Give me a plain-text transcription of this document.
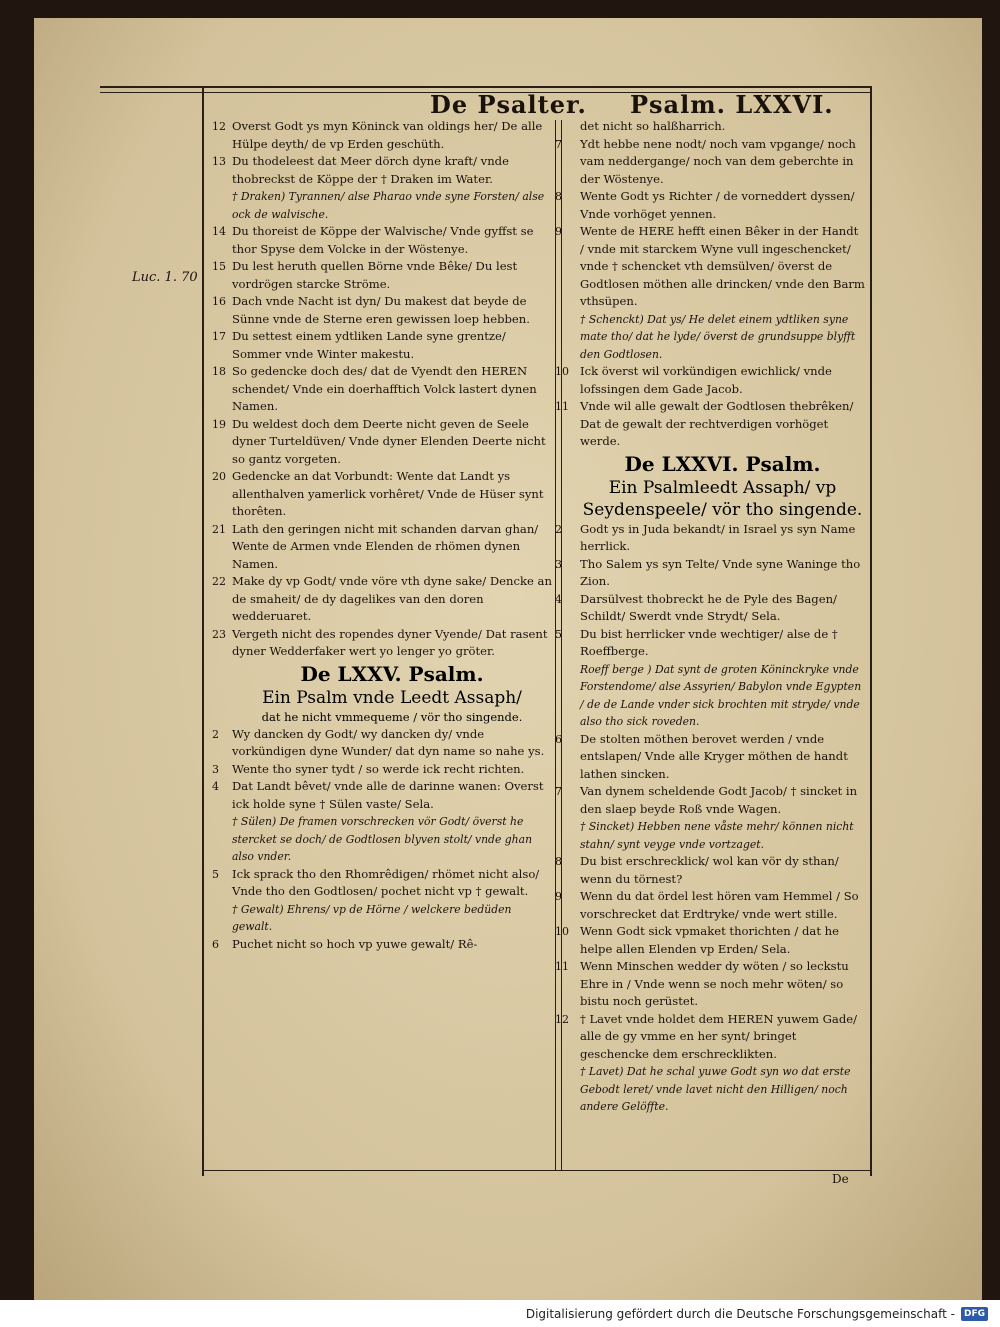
De Psalter. Psalm. LXXVI.
Luc. 1. 70
12 Overst Godt ys myn Köninck van oldings her/ De alle Hülpe deyth/ de vp Erden geschüth.
13 Du thodeleest dat Meer dörch dyne kraft/ vnde thobreckst de Köppe der † Draken im Water.
† Draken) Tyrannen/ alse Pharao vnde syne Forsten/ alse ock de walvische.
14 Du thoreist de Köppe der Walvische/ Vnde gyffst se thor Spyse dem Volcke in der Wöstenye.
15 Du lest heruth quellen Börne vnde Bêke/ Du lest vordrögen starcke Ströme.
16 Dach vnde Nacht ist dyn/ Du makest dat beyde de Sünne vnde de Sterne eren gewissen loep hebben.
17 Du settest einem ydtliken Lande syne grentze/ Sommer vnde Winter makestu.
18 So gedencke doch des/ dat de Vyendt den HEREN schendet/ Vnde ein doerhafftich Volck lastert dynen Namen.
19 Du weldest doch dem Deerte nicht geven de Seele dyner Turteldüven/ Vnde dyner Elenden Deerte nicht so gantz vorgeten.
20 Gedencke an dat Vorbundt: Wente dat Landt ys allenthalven yamerlick vorhêret/ Vnde de Hüser synt thorêten.
21 Lath den geringen nicht mit schanden darvan ghan/ Wente de Armen vnde Elenden de rhömen dynen Namen.
22 Make dy vp Godt/ vnde vöre vth dyne sake/ Dencke an de smaheit/ de dy dagelikes van den doren wedderuaret.
23 Vergeth nicht des ropendes dyner Vyende/ Dat rasent dyner Wedderfaker wert yo lenger yo gröter.
De LXXV. Psalm.
Ein Psalm vnde Leedt Assaph/
dat he nicht vmmequeme / vör tho singende.
2 Wy dancken dy Godt/ wy dancken dy/ vnde vorkündigen dyne Wunder/ dat dyn name so nahe ys.
3 Wente tho syner tydt / so werde ick recht richten.
4 Dat Landt bêvet/ vnde alle de darinne wanen: Overst ick holde syne † Sülen vaste/ Sela.
† Sülen) De framen vorschrecken vör Godt/ överst he stercket se doch/ de Godtlosen blyven stolt/ vnde ghan also vnder.
5 Ick sprack tho den Rhomrêdigen/ rhömet nicht also/ Vnde tho den Godtlosen/ pochet nicht vp † gewalt.
† Gewalt) Ehrens/ vp de Hörne / welckere bedüden gewalt.
6 Puchet nicht so hoch vp yuwe gewalt/ Rê-
det nicht so halßharrich.
7 Ydt hebbe nene nodt/ noch vam vpgange/ noch vam neddergange/ noch van dem geberchte in der Wöstenye.
8 Wente Godt ys Richter / de vorneddert dyssen/ Vnde vorhöget yennen.
9 Wente de HERE hefft einen Bêker in der Handt / vnde mit starckem Wyne vull ingeschencket/ vnde † schencket vth demsülven/ överst de Godtlosen möthen alle drincken/ vnde den Barm vthsüpen.
† Schenckt) Dat ys/ He delet einem ydtliken syne mate tho/ dat he lyde/ överst de grundsuppe blyfft den Godtlosen.
10 Ick överst wil vorkündigen ewichlick/ vnde lofssingen dem Gade Jacob.
11 Vnde wil alle gewalt der Godtlosen thebrêken/ Dat de gewalt der rechtverdigen vorhöget werde.
De LXXVI. Psalm.
Ein Psalmleedt Assaph/ vp Seydenspeele/ vör tho singende.
2 Godt ys in Juda bekandt/ in Israel ys syn Name herrlick.
3 Tho Salem ys syn Telte/ Vnde syne Waninge tho Zion.
4 Darsülvest thobreckt he de Pyle des Bagen/ Schildt/ Swerdt vnde Strydt/ Sela.
5 Du bist herrlicker vnde wechtiger/ alse de † Roeffberge.
Roeff berge ) Dat synt de groten Köninckryke vnde Forstendome/ alse Assyrien/ Babylon vnde Egypten / de de Lande vnder sick brochten mit stryde/ vnde also tho sick roveden.
6 De stolten möthen berovet werden / vnde entslapen/ Vnde alle Kryger möthen de handt lathen sincken.
7 Van dynem scheldende Godt Jacob/ † sincket in den slaep beyde Roß vnde Wagen.
† Sincket) Hebben nene våste mehr/ können nicht stahn/ synt veyge vnde vortzaget.
8 Du bist erschrecklick/ wol kan vör dy sthan/ wenn du törnest?
9 Wenn du dat ördel lest hören vam Hemmel / So vorschrecket dat Erdtryke/ vnde wert stille.
10 Wenn Godt sick vpmaket thorichten / dat he helpe allen Elenden vp Erden/ Sela.
11 Wenn Minschen wedder dy wöten / so leckstu Ehre in / Vnde wenn se noch mehr wöten/ so bistu noch gerüstet.
12 † Lavet vnde holdet dem HEREN yuwem Gade/ alle de gy vmme en her synt/ bringet geschencke dem erschrecklikten.
† Lavet) Dat he schal yuwe Godt syn wo dat erste Gebodt leret/ vnde lavet nicht den Hilligen/ noch andere Gelöffte.
De
Digitalisierung gefördert durch die Deutsche Forschungsgemeinschaft -	DFG
